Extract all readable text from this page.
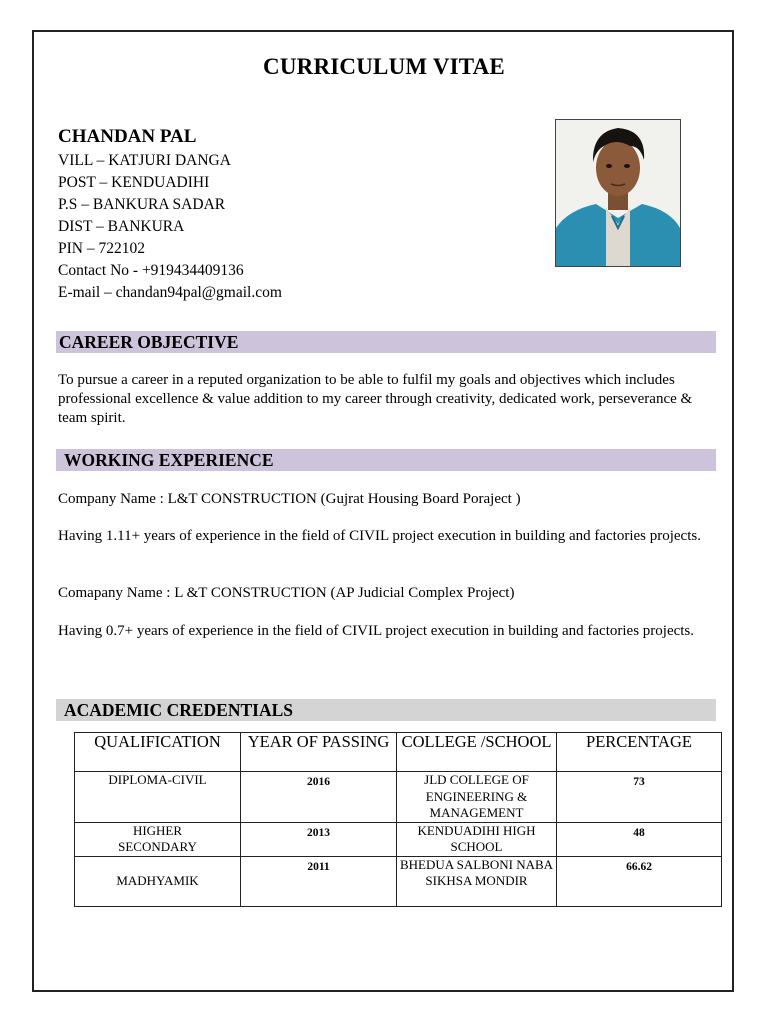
CURRICULUM VITAE
CHANDAN PAL
VILL – KATJURI DANGA
POST – KENDUADIHI
P.S – BANKURA SADAR
DIST – BANKURA
PIN – 722102
Contact No - +919434409136
E-mail – chandan94pal@gmail.com
CAREER OBJECTIVE
To pursue a career in a reputed organization to be able to fulfil my goals and objectives which includes professional excellence & value addition to my career through creativity, dedicated work, perseverance & team spirit.
WORKING EXPERIENCE
Company Name : L&T CONSTRUCTION (Gujrat Housing Board Poraject )
Having 1.11+ years of experience in the field of CIVIL project execution in building and factories projects.
Comapany Name : L &T CONSTRUCTION (AP Judicial Complex Project)
Having 0.7+ years of experience in the field of CIVIL project execution in building and factories projects.
ACADEMIC CREDENTIALS
QUALIFICATION	YEAR OF PASSING	COLLEGE /SCHOOL	PERCENTAGE
DIPLOMA-CIVIL	2016	JLD COLLEGE OF ENGINEERING & MANAGEMENT	73
HIGHER SECONDARY	2013	KENDUADIHI HIGH SCHOOL	48
MADHYAMIK	2011	BHEDUA SALBONI NABA SIKHSA MONDIR	66.62
